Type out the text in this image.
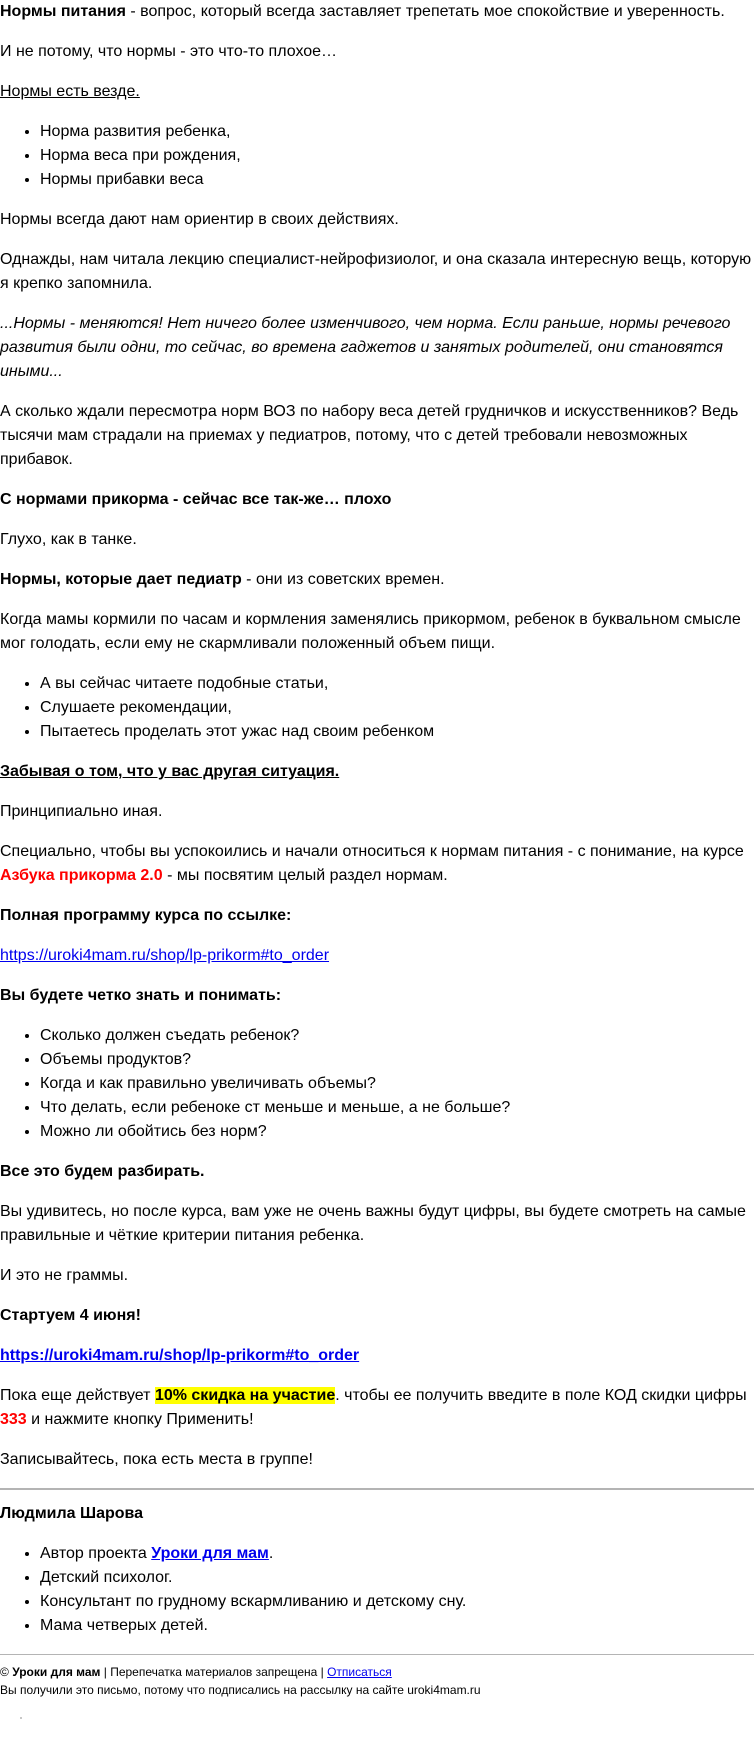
Нормы питания - вопрос, который всегда заставляет трепетать мое спокойствие и уверенность.

И не потому, что нормы - это что-то плохое…

Нормы есть везде.

• Норма развития ребенка,
• Норма веса при рождения,
• Нормы прибавки веса

Нормы всегда дают нам ориентир в своих действиях.

Однажды, нам читала лекцию специалист-нейрофизиолог, и она сказала интересную вещь, которую я крепко запомнила.

...Нормы - меняются! Нет ничего более изменчивого, чем норма. Если раньше, нормы речевого развития были одни, то сейчас, во времена гаджетов и занятых родителей, они становятся иными...

А сколько ждали пересмотра норм ВОЗ по набору веса детей грудничков и искусственников? Ведь тысячи мам страдали на приемах у педиатров, потому, что с детей требовали невозможных прибавок.

С нормами прикорма - сейчас все так-же… плохо

Глухо, как в танке.

Нормы, которые дает педиатр - они из советских времен.

Когда мамы кормили по часам и кормления заменялись прикормом, ребенок в буквальном смысле мог голодать, если ему не скармливали положенный объем пищи.

• А вы сейчас читаете подобные статьи,
• Слушаете рекомендации,
• Пытаетесь проделать этот ужас над своим ребенком

Забывая о том, что у вас другая ситуация.

Принципиально иная.

Специально, чтобы вы успокоились и начали относиться к нормам питания - с понимание, на курсе Азбука прикорма 2.0 - мы посвятим целый раздел нормам.

Полная программу курса по ссылке:

https://uroki4mam.ru/shop/lp-prikorm#to_order

Вы будете четко знать и понимать:

• Сколько должен съедать ребенок?
• Объемы продуктов?
• Когда и как правильно увеличивать объемы?
• Что делать, если ребеноке ст меньше и меньше, а не больше?
• Можно ли обойтись без норм?

Все это будем разбирать.

Вы удивитесь, но после курса, вам уже не очень важны будут цифры, вы будете смотреть на самые правильные и чёткие критерии питания ребенка.

И это не граммы.

Стартуем 4 июня!

https://uroki4mam.ru/shop/lp-prikorm#to_order

Пока еще действует 10% скидка на участие. чтобы ее получить введите в поле КОД скидки цифры 333 и нажмите кнопку Применить!

Записывайтесь, пока есть места в группе!

Людмила Шарова

• Автор проекта Уроки для мам.
• Детский психолог.
• Консультант по грудному вскармливанию и детскому сну.
• Мама четверых детей.

© Уроки для мам | Перепечатка материалов запрещена | Отписаться

Вы получили это письмо, потому что подписались на рассылку на сайте uroki4mam.ru
